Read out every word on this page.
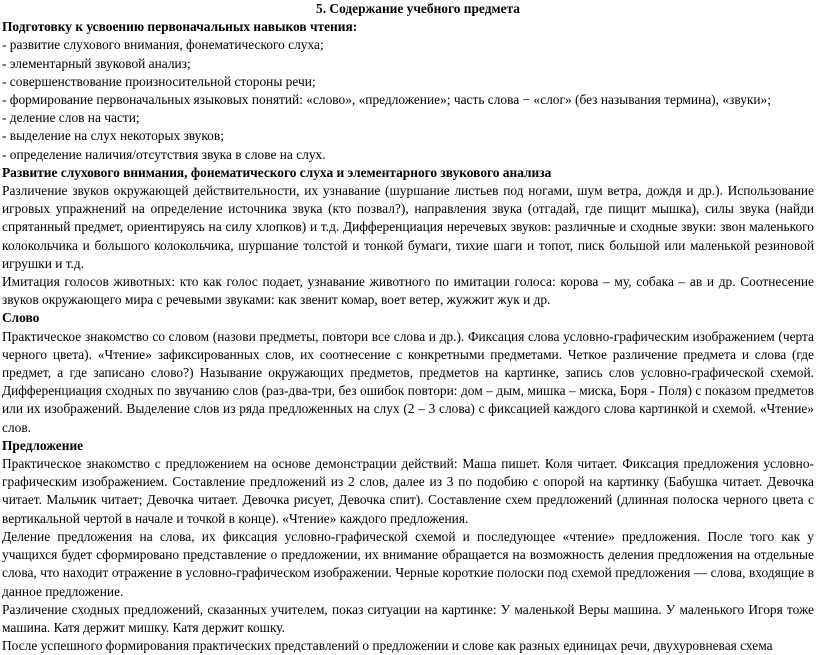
5. Содержание учебного предмета

Подготовку к усвоению первоначальных навыков чтения:

- развитие слухового внимания, фонематического слуха;

- элементарный звуковой анализ;

- совершенствование произносительной стороны речи;

- формирование первоначальных языковых понятий: «слово», «предложение»; часть слова − «слог» (без называния термина), «звуки»;

- деление слов на части;

- выделение на слух некоторых звуков;

- определение наличия/отсутствия звука в слове на слух.

Развитие слухового внимания, фонематического слуха и элементарного звукового анализа

Различение звуков окружающей действительности, их узнавание (шуршание листьев под ногами, шум ветра, дождя и др.). Использование игровых упражнений на определение источника звука (кто позвал?), направления звука (отгадай, где пищит мышка), силы звука (найди спрятанный предмет, ориентируясь на силу хлопков) и т.д. Дифференциация неречевых звуков: различные и сходные звуки: звон маленького колокольчика и большого колокольчика, шуршание толстой и тонкой бумаги, тихие шаги и топот, писк большой или маленькой резиновой игрушки и т.д.

Имитация голосов животных: кто как голос подает, узнавание животного по имитации голоса: корова – му, собака – ав и др. Соотнесение звуков окружающего мира с речевыми звуками: как звенит комар, воет ветер, жужжит жук и др.

Слово

Практическое знакомство со словом (назови предметы, повтори все слова и др.). Фиксация слова условно-графическим изображением (черта черного цвета). «Чтение» зафиксированных слов, их соотнесение с конкретными предметами. Четкое различение предмета и слова (где предмет, а где записано слово?) Называние окружающих предметов, предметов на картинке, запись слов условно-графической схемой. Дифференциация сходных по звучанию слов (раз-два-три, без ошибок повтори: дом – дым, мишка – миска, Боря - Поля) с показом предметов или их изображений. Выделение слов из ряда предложенных на слух (2 – 3 слова) с фиксацией каждого слова картинкой и схемой. «Чтение» слов.

Предложение

Практическое знакомство с предложением на основе демонстрации действий: Маша пишет. Коля читает. Фиксация предложения условно-графическим изображением. Составление предложений из 2 слов, далее из 3 по подобию с опорой на картинку (Бабушка читает. Девочка читает. Мальчик читает; Девочка читает. Девочка рисует, Девочка спит). Составление схем предложений (длинная полоска черного цвета с вертикальной чертой в начале и точкой в конце). «Чтение» каждого предложения.

Деление предложения на слова, их фиксация условно-графической схемой и последующее «чтение» предложения. После того как у учащихся будет сформировано представление о предложении, их внимание обращается на возможность деления предложения на отдельные слова, что находит отражение в условно-графическом изображении. Черные короткие полоски под схемой предложения — слова, входящие в данное предложение.

Различение сходных предложений, сказанных учителем, показ ситуации на картинке: У маленькой Веры машина. У маленького Игоря тоже машина. Катя держит мишку. Катя держит кошку.

После успешного формирования практических представлений о предложении и слове как разных единицах речи, двухуровневая схема
